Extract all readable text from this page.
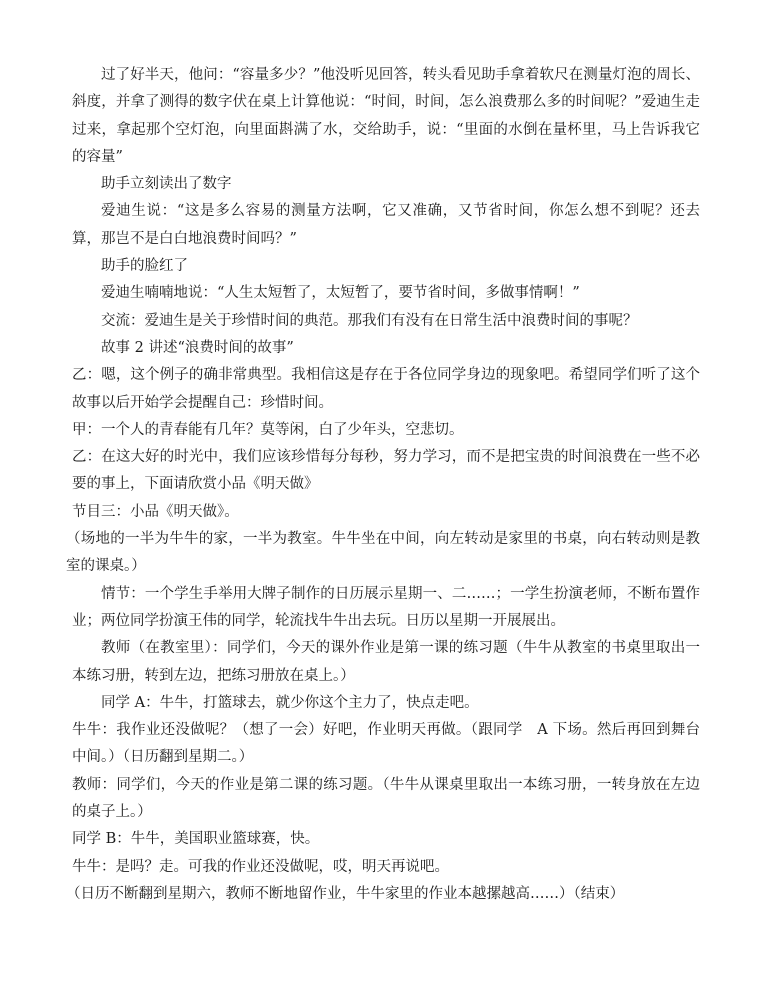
过了好半天，他问：“容量多少？”他没听见回答，转头看见助手拿着软尺在测量灯泡的周长、斜度，并拿了测得的数字伏在桌上计算他说：“时间，时间，怎么浪费那么多的时间呢？”爱迪生走过来，拿起那个空灯泡，向里面斟满了水，交给助手，说：“里面的水倒在量杯里，马上告诉我它的容量”

助手立刻读出了数字

爱迪生说：“这是多么容易的测量方法啊，它又准确，又节省时间，你怎么想不到呢？还去算，那岂不是白白地浪费时间吗？”

助手的脸红了

爱迪生喃喃地说：“人生太短暂了，太短暂了，要节省时间，多做事情啊！”

交流：爱迪生是关于珍惜时间的典范。那我们有没有在日常生活中浪费时间的事呢？

故事 2 讲述“浪费时间的故事”

乙：嗯，这个例子的确非常典型。我相信这是存在于各位同学身边的现象吧。希望同学们听了这个故事以后开始学会提醒自己：珍惜时间。

甲：一个人的青春能有几年？莫等闲，白了少年头，空悲切。

乙：在这大好的时光中，我们应该珍惜每分每秒，努力学习，而不是把宝贵的时间浪费在一些不必要的事上，下面请欣赏小品《明天做》

节目三：小品《明天做》。

（场地的一半为牛牛的家，一半为教室。牛牛坐在中间，向左转动是家里的书桌，向右转动则是教室的课桌。）

情节：一个学生手举用大牌子制作的日历展示星期一、二……；一学生扮演老师，不断布置作业；两位同学扮演王伟的同学，轮流找牛牛出去玩。日历以星期一开展展出。

教师（在教室里）：同学们，今天的课外作业是第一课的练习题（牛牛从教室的书桌里取出一本练习册，转到左边，把练习册放在桌上。）

同学 A：牛牛，打篮球去，就少你这个主力了，快点走吧。

牛牛：我作业还没做呢？（想了一会）好吧，作业明天再做。（跟同学　A 下场。然后再回到舞台中间。）（日历翻到星期二。）

教师：同学们，今天的作业是第二课的练习题。（牛牛从课桌里取出一本练习册，一转身放在左边的桌子上。）

同学 B：牛牛，美国职业篮球赛，快。

牛牛：是吗？走。可我的作业还没做呢，哎，明天再说吧。

（日历不断翻到星期六，教师不断地留作业，牛牛家里的作业本越摞越高……）（结束）
